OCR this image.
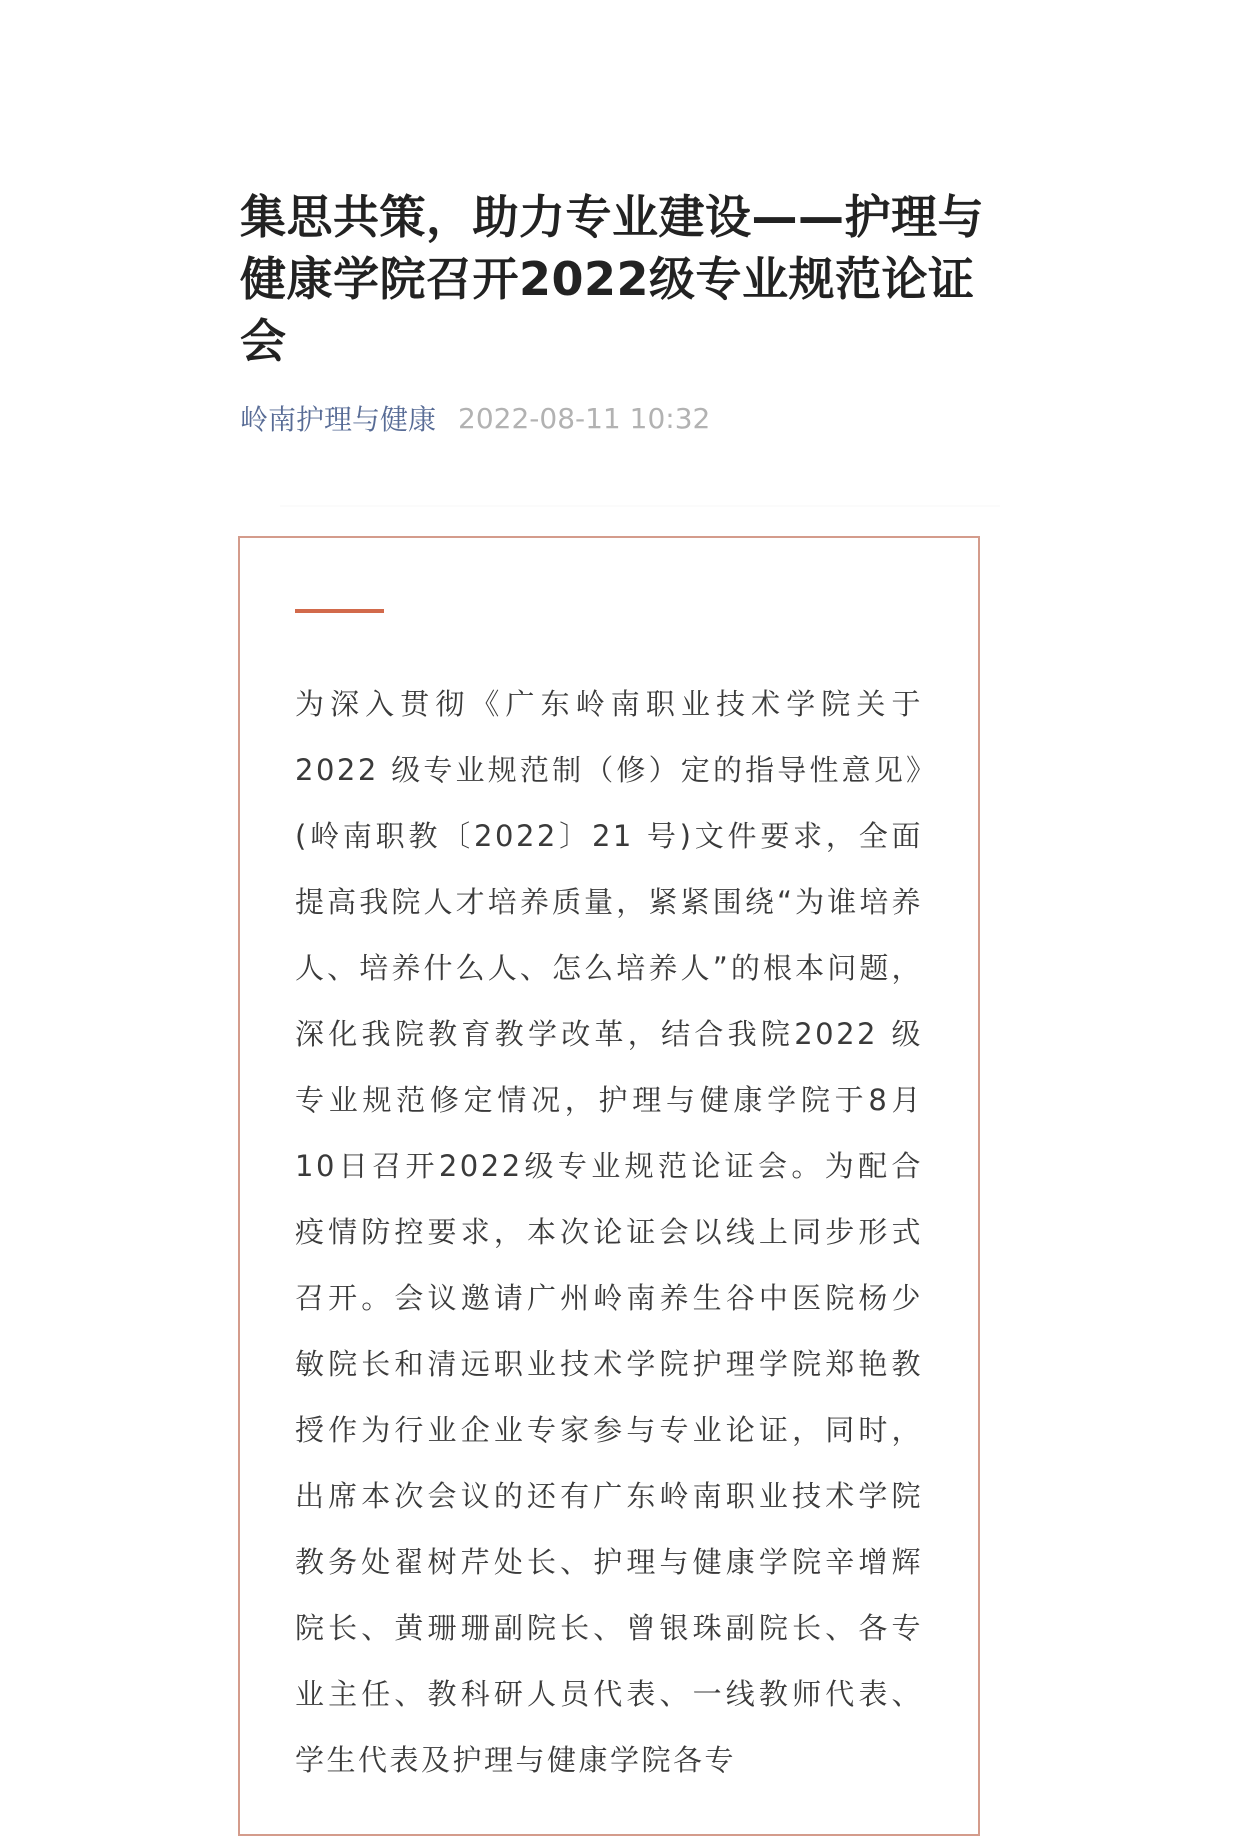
集思共策，助力专业建设——护理与健康学院召开2022级专业规范论证会
岭南护理与健康 2022-08-11 10:32

为深入贯彻《广东岭南职业技术学院关于2022 级专业规范制（修）定的指导性意见》(岭南职教〔2022〕21 号)文件要求，全面提高我院人才培养质量，紧紧围绕“为谁培养人、培养什么人、怎么培养人”的根本问题，深化我院教育教学改革，结合我院2022 级专业规范修定情况，护理与健康学院于8月10日召开2022级专业规范论证会。为配合疫情防控要求，本次论证会以线上同步形式召开。会议邀请广州岭南养生谷中医院杨少敏院长和清远职业技术学院护理学院郑艳教授作为行业企业专家参与专业论证，同时，出席本次会议的还有广东岭南职业技术学院教务处翟树芹处长、护理与健康学院辛增辉院长、黄珊珊副院长、曾银珠副院长、各专业主任、教科研人员代表、一线教师代表、学生代表及护理与健康学院各专
